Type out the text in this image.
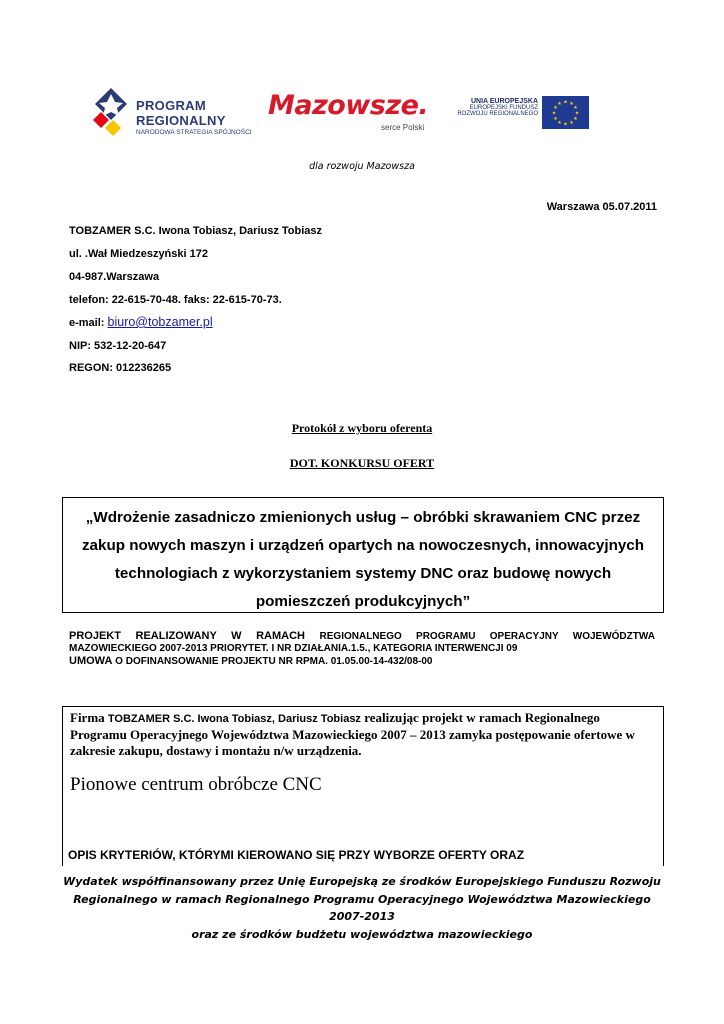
PROGRAM
REGIONALNY
NARODOWA STRATEGIA SPÓJNOŚCI
Mazowsze.
serce Polski
UNIA EUROPEJSKA
EUROPEJSKI FUNDUSZ
ROZWOJU REGIONALNEGO
★ ★
★
★
★
★
★
★
★
★
★
★
dla rozwoju Mazowsza
Warszawa 05.07.2011
TOBZAMER S.C. Iwona Tobiasz, Dariusz Tobiasz
ul. .Wał Miedzeszyński 172
04-987.Warszawa
telefon: 22-615-70-48. faks: 22-615-70-73.
e-mail: biuro@tobzamer.pl
NIP: 532-12-20-647
REGON: 012236265
Protokół z wyboru oferenta
DOT. KONKURSU OFERT
„Wdrożenie zasadniczo zmienionych usług – obróbki skrawaniem CNC przez zakup nowych maszyn i urządzeń opartych na nowoczesnych, innowacyjnych technologiach z wykorzystaniem systemy DNC oraz budowę nowych pomieszczeń produkcyjnych”
PROJEKT REALIZOWANY W RAMACH REGIONALNEGO PROGRAMU OPERACYJNY WOJEWÓDZTWA MAZOWIECKIEGO 2007-2013 PRIORYTET. I NR DZIAŁANIA.1.5., KATEGORIA INTERWENCJI 09
UMOWA O DOFINANSOWANIE PROJEKTU NR RPMA. 01.05.00-14-432/08-00
Firma TOBZAMER S.C. Iwona Tobiasz, Dariusz Tobiasz realizując projekt w ramach Regionalnego Programu Operacyjnego Województwa Mazowieckiego 2007 – 2013 zamyka postępowanie ofertowe w zakresie zakupu, dostawy i montażu n/w urządzenia.
Pionowe centrum obróbcze CNC
OPIS KRYTERIÓW, KTÓRYMI KIEROWANO SIĘ PRZY WYBORZE OFERTY ORAZ
Wydatek współfinansowany przez Unię Europejską ze środków Europejskiego Funduszu Rozwoju
Regionalnego w ramach Regionalnego Programu Operacyjnego Województwa Mazowieckiego
2007-2013
oraz ze środków budżetu województwa mazowieckiego
